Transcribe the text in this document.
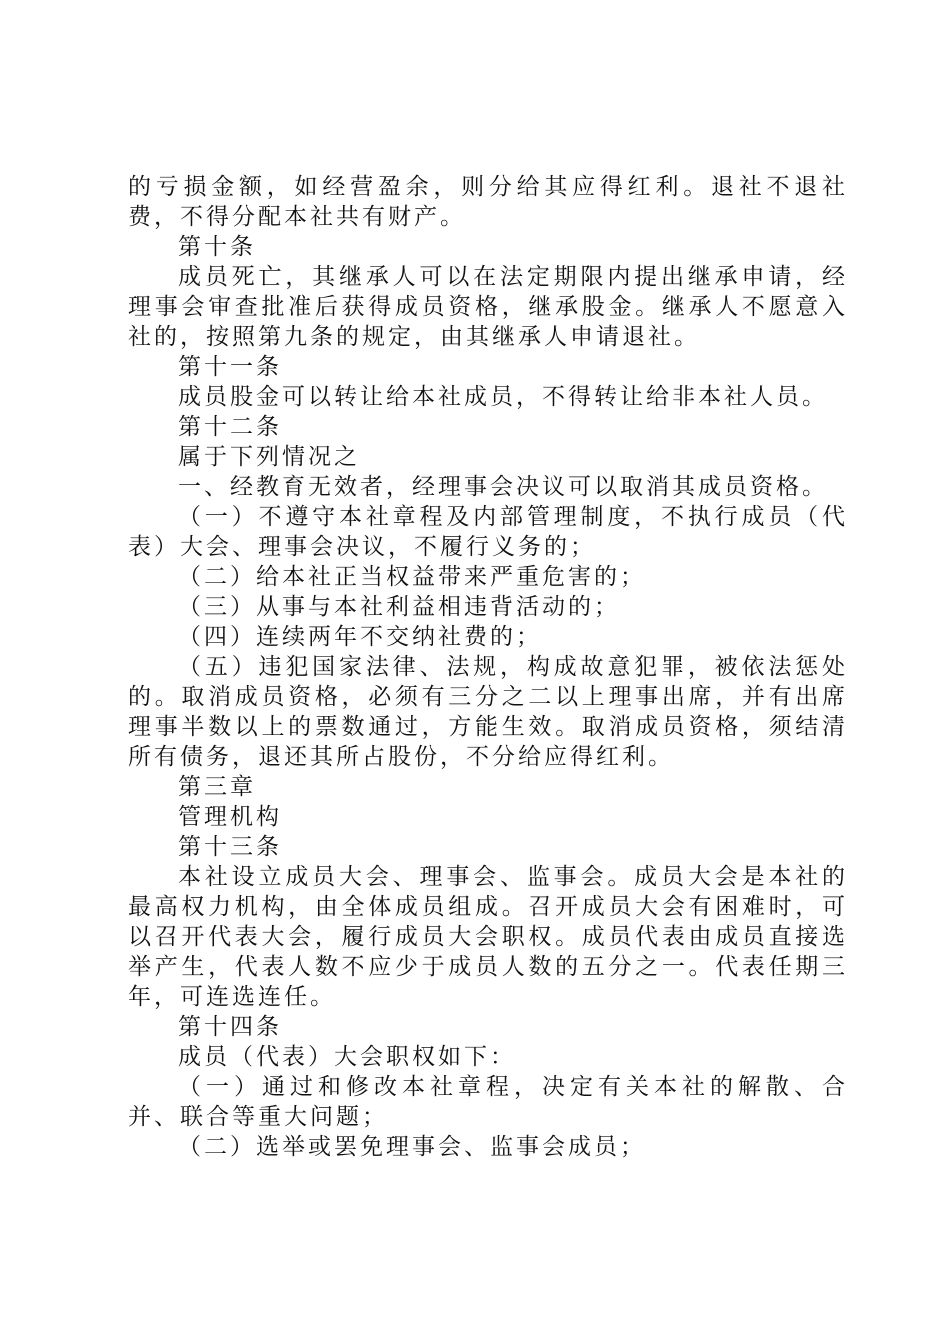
的亏损金额，如经营盈余，则分给其应得红利。退社不退社费，不得分配本社共有财产。

第十条

成员死亡，其继承人可以在法定期限内提出继承申请，经理事会审查批准后获得成员资格，继承股金。继承人不愿意入社的，按照第九条的规定，由其继承人申请退社。

第十一条

成员股金可以转让给本社成员，不得转让给非本社人员。

第十二条

属于下列情况之

一、经教育无效者，经理事会决议可以取消其成员资格。

（一）不遵守本社章程及内部管理制度，不执行成员（代表）大会、理事会决议，不履行义务的；

（二）给本社正当权益带来严重危害的；

（三）从事与本社利益相违背活动的；

（四）连续两年不交纳社费的；

（五）违犯国家法律、法规，构成故意犯罪，被依法惩处的。取消成员资格，必须有三分之二以上理事出席，并有出席理事半数以上的票数通过，方能生效。取消成员资格，须结清所有债务，退还其所占股份，不分给应得红利。

第三章

管理机构

第十三条

本社设立成员大会、理事会、监事会。成员大会是本社的最高权力机构，由全体成员组成。召开成员大会有困难时，可以召开代表大会，履行成员大会职权。成员代表由成员直接选举产生，代表人数不应少于成员人数的五分之一。代表任期三年，可连选连任。

第十四条

成员（代表）大会职权如下：

（一）通过和修改本社章程，决定有关本社的解散、合并、联合等重大问题；

（二）选举或罢免理事会、监事会成员；
